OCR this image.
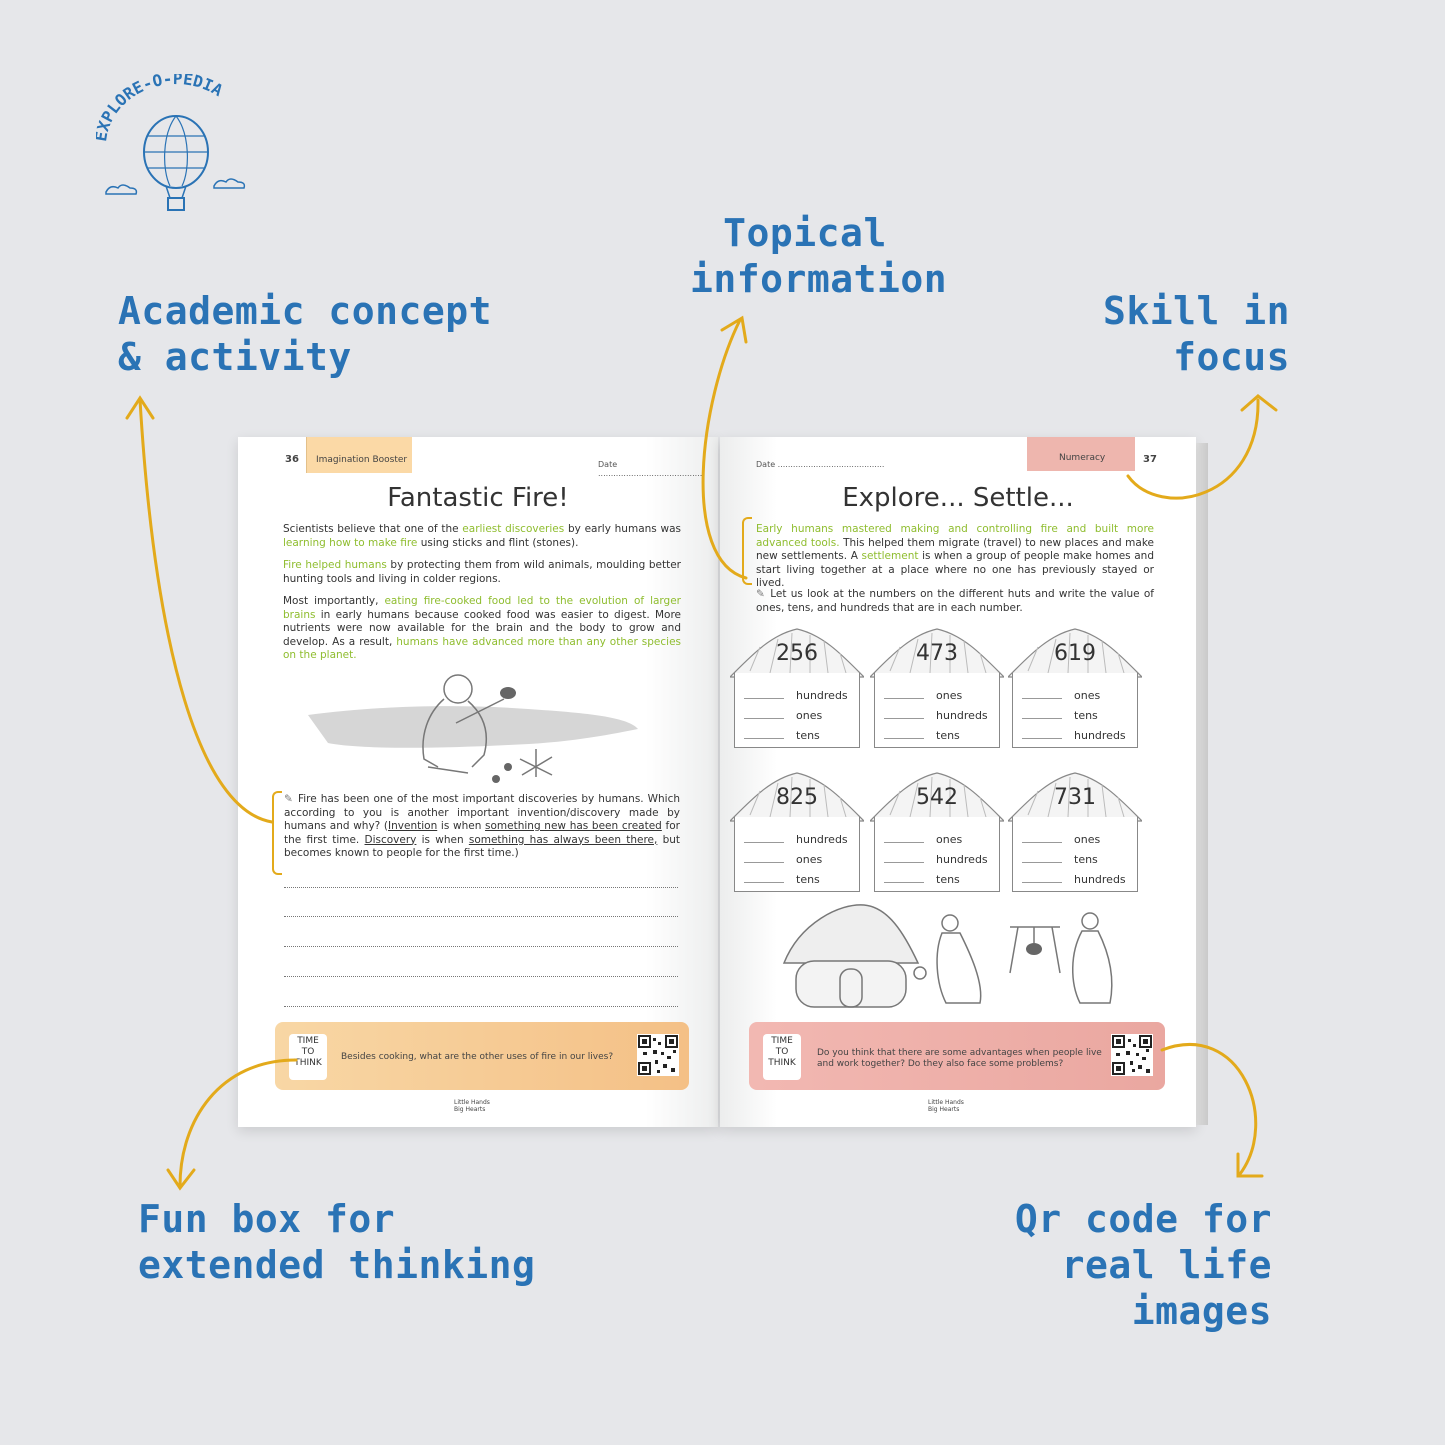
PLORE-O-PEDIA
Academic concept
& activity
Topical
information
Skill in
focus
Fun box for
extended thinking
Qr code for
real life images
36	Imagination Booster	Date ..........................................
Fantastic Fire!
Scientists believe that one of the earliest discoveries by early humans was learning how to make fire using sticks and flint (stones).
Fire helped humans by protecting them from wild animals, moulding better hunting tools and living in colder regions.
Most importantly, eating fire-cooked food led to the evolution of larger brains in early humans because cooked food was easier to digest. More nutrients were now available for the brain and the body to grow and develop. As a result, humans have advanced more than any other species on the planet.
✎ Fire has been one of the most important discoveries by humans. Which according to you is another important invention/discovery made by humans and why? (Invention is when something new has been created for the first time. Discovery is when something has always been there, but becomes known to people for the first time.)
TIME
TO
THINK
Besides cooking, what are the other uses of fire in our lives?
Little Hands
Big Hearts
Date ..........................................
Numeracy	37
Explore... Settle...
Early humans mastered making and controlling fire and built more advanced tools. This helped them migrate (travel) to new places and make new settlements. A settlement is when a group of people make homes and start living together at a place where no one has previously stayed or lived.
✎ Let us look at the numbers on the different huts and write the value of ones, tens, and hundreds that are in each number.
256
hundreds
ones
tens
473
ones
hundreds
tens
619
ones
tens
hundreds
825
hundreds
ones
tens
542
ones
hundreds
tens
731
ones
tens
hundreds
TIME
TO
THINK
Do you think that there are some advantages when people live and work together? Do they also face some problems?
Little Hands
Big Hearts
